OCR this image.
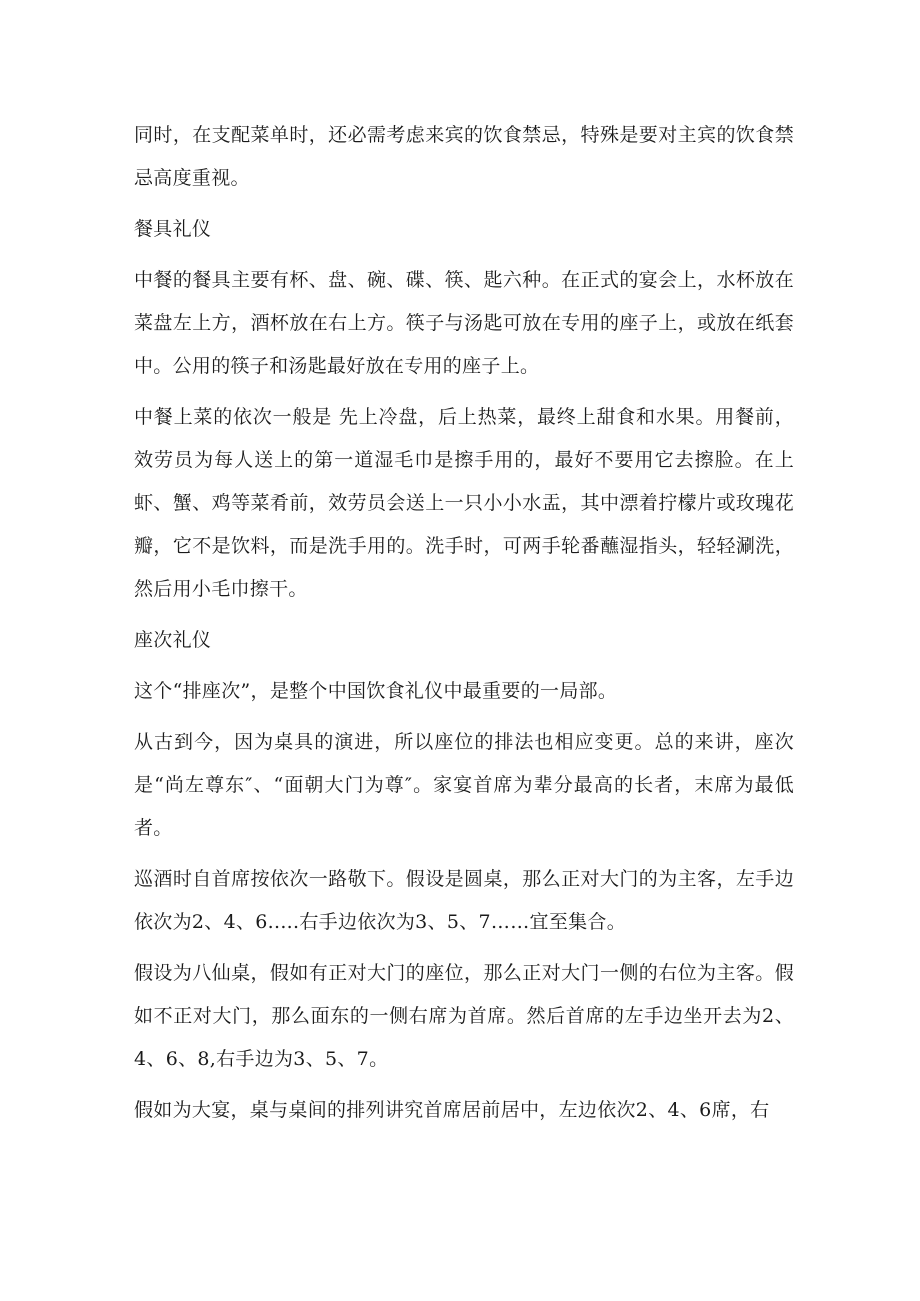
同时，在支配菜单时，还必需考虑来宾的饮食禁忌，特殊是要对主宾的饮食禁忌高度重视。

餐具礼仪

中餐的餐具主要有杯、盘、碗、碟、筷、匙六种。在正式的宴会上，水杯放在菜盘左上方，酒杯放在右上方。筷子与汤匙可放在专用的座子上，或放在纸套中。公用的筷子和汤匙最好放在专用的座子上。

中餐上菜的依次一般是 先上冷盘，后上热菜，最终上甜食和水果。用餐前，效劳员为每人送上的第一道湿毛巾是擦手用的，最好不要用它去擦脸。在上虾、蟹、鸡等菜肴前，效劳员会送上一只小小水盂，其中漂着拧檬片或玫瑰花瓣，它不是饮料，而是洗手用的。洗手时，可两手轮番蘸湿指头，轻轻涮洗，然后用小毛巾擦干。

座次礼仪

这个“排座次”，是整个中国饮食礼仪中最重要的一局部。

从古到今，因为桌具的演进，所以座位的排法也相应变更。总的来讲，座次是“尚左尊东″、“面朝大门为尊″。家宴首席为辈分最高的长者，末席为最低者。

巡酒时自首席按依次一路敬下。假设是圆桌，那么正对大门的为主客，左手边依次为2、4、6.....右手边依次为3、5、7……宜至集合。

假设为八仙桌，假如有正对大门的座位，那么正对大门一侧的右位为主客。假如不正对大门，那么面东的一侧右席为首席。然后首席的左手边坐开去为2、4、6、8,右手边为3、5、7。

假如为大宴，桌与桌间的排列讲究首席居前居中，左边依次2、4、6席，右
